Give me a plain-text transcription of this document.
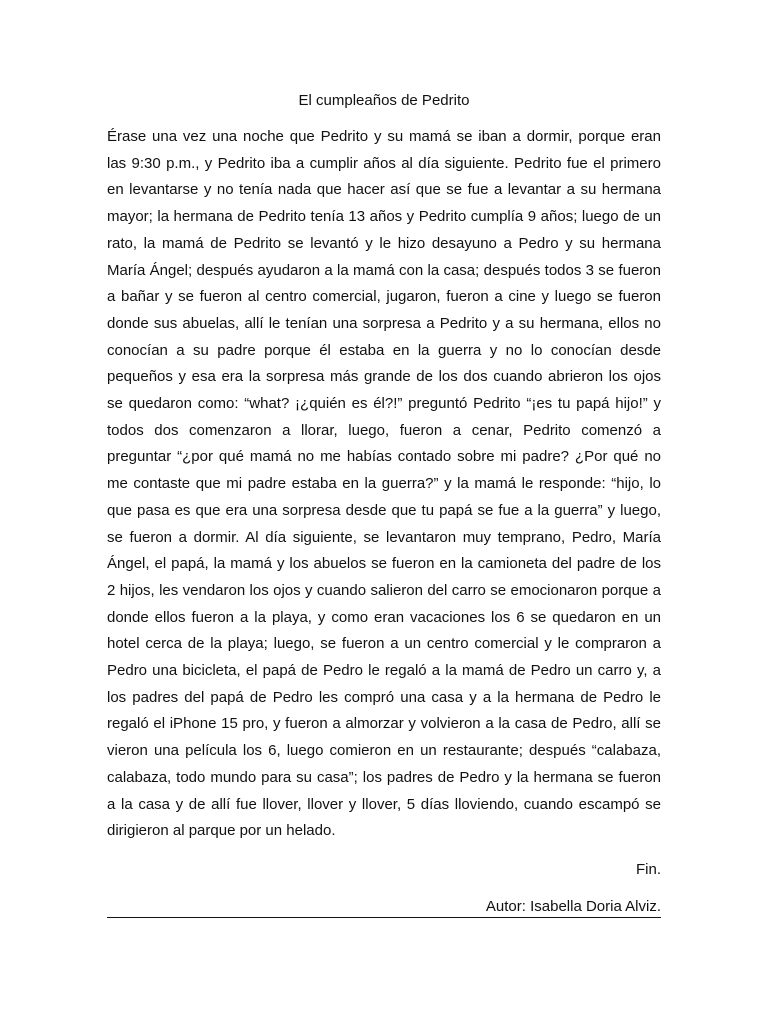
El cumpleaños de Pedrito
Érase una vez una noche que Pedrito y su mamá se iban a dormir, porque eran
las 9:30 p.m., y Pedrito iba a cumplir años al día siguiente. Pedrito fue el primero
en levantarse y no tenía nada que hacer así que se fue a levantar a su hermana
mayor; la hermana de Pedrito tenía 13 años y Pedrito cumplía 9 años; luego de un
rato, la mamá de Pedrito se levantó y le hizo desayuno a Pedro y su hermana
María Ángel; después ayudaron a la mamá con la casa; después todos 3 se fueron
a bañar y se fueron al centro comercial, jugaron, fueron a cine y luego se fueron
donde sus abuelas, allí le tenían una sorpresa a Pedrito y a su hermana, ellos no
conocían a su padre porque él estaba en la guerra y no lo conocían desde
pequeños y esa era la sorpresa más grande de los dos cuando abrieron los ojos
se quedaron como: “what? ¡¿quién es él?!” preguntó Pedrito “¡es tu papá hijo!” y
todos dos comenzaron a llorar, luego, fueron a cenar, Pedrito comenzó a
preguntar “¿por qué mamá no me habías contado sobre mi padre? ¿Por qué no
me contaste que mi padre estaba en la guerra?” y la mamá le responde: “hijo, lo
que pasa es que era una sorpresa desde que tu papá se fue a la guerra” y luego,
se fueron a dormir. Al día siguiente, se levantaron muy temprano, Pedro, María
Ángel, el papá, la mamá y los abuelos se fueron en la camioneta del padre de los
2 hijos, les vendaron los ojos y cuando salieron del carro se emocionaron porque a
donde ellos fueron a la playa, y como eran vacaciones los 6 se quedaron en un
hotel cerca de la playa; luego, se fueron a un centro comercial y le compraron a
Pedro una bicicleta, el papá de Pedro le regaló a la mamá de Pedro un carro y, a
los padres del papá de Pedro les compró una casa y a la hermana de Pedro le
regaló el iPhone 15 pro, y fueron a almorzar y volvieron a la casa de Pedro, allí se
vieron una película los 6, luego comieron en un restaurante; después “calabaza,
calabaza, todo mundo para su casa”; los padres de Pedro y la hermana se fueron
a la casa y de allí fue llover, llover y llover, 5 días lloviendo, cuando escampó se
dirigieron al parque por un helado.
Fin.
Autor: Isabella Doria Alviz.
